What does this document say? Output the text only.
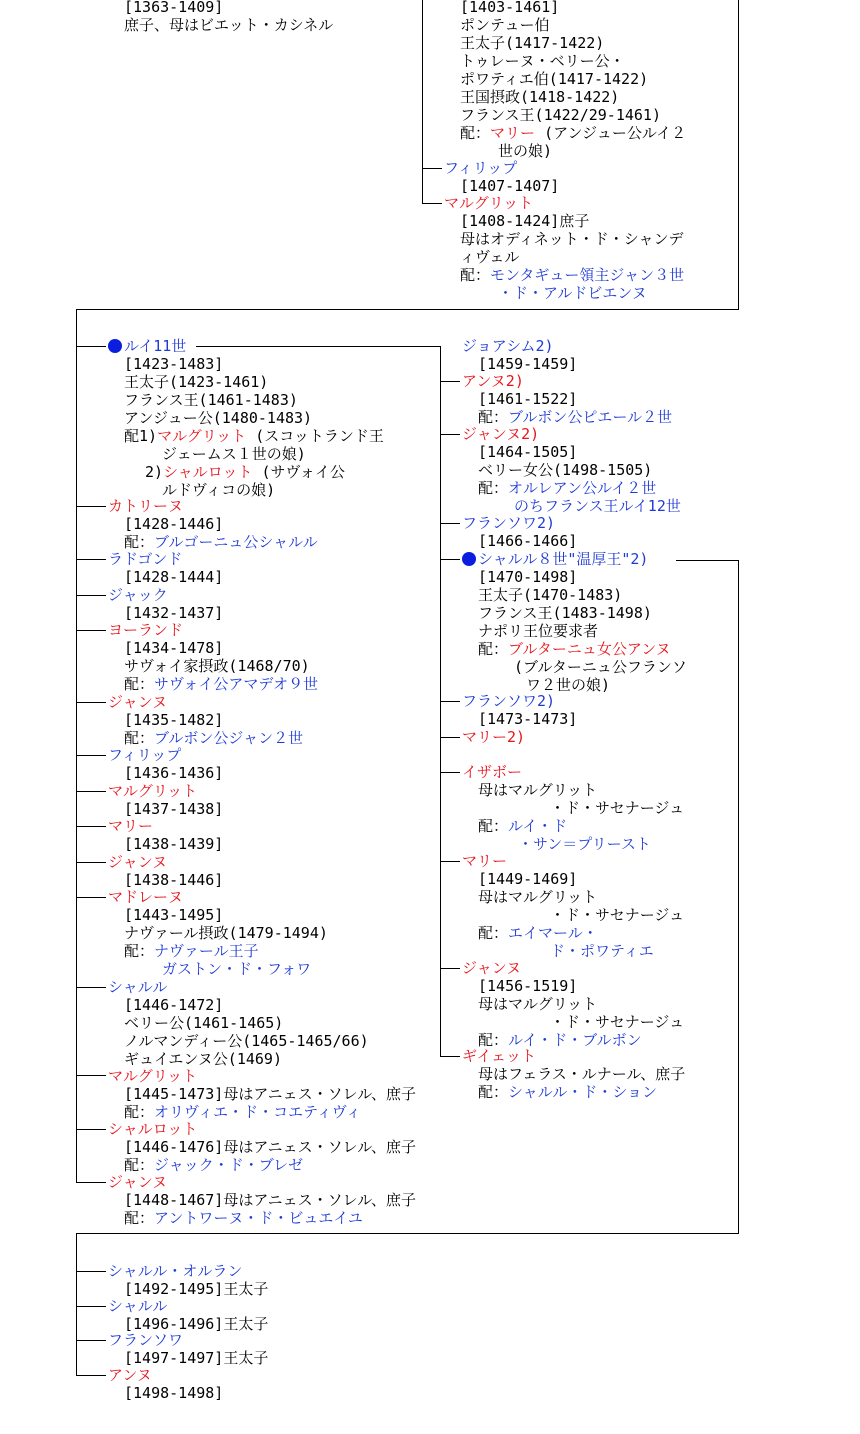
[1363-1409]
庶子、母はビエット・カシネル
[1403-1461]
ポンテュー伯
王太子(1417-1422)
トゥレーヌ・ベリー公・
ポワティエ伯(1417-1422)
王国摂政(1418-1422)
フランス王(1422/29-1461)
配：マリー (アンジュー公ルイ２
世の娘)
フィリップ
[1407-1407]
マルグリット
[1408-1424]庶子
母はオディネット・ド・シャンデ
ィヴェル
配：モンタギュー領主ジャン３世
・ド・アルドビエンヌ
ルイ11世
[1423-1483]
王太子(1423-1461)
フランス王(1461-1483)
アンジュー公(1480-1483)
配1)マルグリット (スコットランド王
ジェームス１世の娘)
2)シャルロット (サヴォイ公
ルドヴィコの娘)
カトリーヌ
[1428-1446]
配：ブルゴーニュ公シャルル
ラドゴンド
[1428-1444]
ジャック
[1432-1437]
ヨーランド
[1434-1478]
サヴォイ家摂政(1468/70)
配：サヴォイ公アマデオ９世
ジャンヌ
[1435-1482]
配：ブルボン公ジャン２世
フィリップ
[1436-1436]
マルグリット
[1437-1438]
マリー
[1438-1439]
ジャンヌ
[1438-1446]
マドレーヌ
[1443-1495]
ナヴァール摂政(1479-1494)
配：ナヴァール王子
ガストン・ド・フォワ
シャルル
[1446-1472]
ベリー公(1461-1465)
ノルマンディー公(1465-1465/66)
ギュイエンヌ公(1469)
マルグリット
[1445-1473]母はアニェス・ソレル、庶子
配：オリヴィエ・ド・コエティヴィ
シャルロット
[1446-1476]母はアニェス・ソレル、庶子
配：ジャック・ド・ブレゼ
ジャンヌ
[1448-1467]母はアニェス・ソレル、庶子
配：アントワーヌ・ド・ビュエイユ
ジョアシム2)
[1459-1459]
アンヌ2)
[1461-1522]
配：ブルボン公ピエール２世
ジャンヌ2)
[1464-1505]
ベリー女公(1498-1505)
配：オルレアン公ルイ２世
のちフランス王ルイ12世
フランソワ2)
[1466-1466]
シャルル８世"温厚王"2)
[1470-1498]
王太子(1470-1483)
フランス王(1483-1498)
ナポリ王位要求者
配：ブルターニュ女公アンヌ
(ブルターニュ公フランソ
ワ２世の娘)
フランソワ2)
[1473-1473]
マリー2)
イザボー
母はマルグリット
・ド・サセナージュ
配：ルイ・ド
・サン＝プリースト
マリー
[1449-1469]
母はマルグリット
・ド・サセナージュ
配：エイマール・
ド・ポワティエ
ジャンヌ
[1456-1519]
母はマルグリット
・ド・サセナージュ
配：ルイ・ド・ブルボン
ギイェット
母はフェラス・ルナール、庶子
配：シャルル・ド・ション
シャルル・オルラン
[1492-1495]王太子
シャルル
[1496-1496]王太子
フランソワ
[1497-1497]王太子
アンヌ
[1498-1498]
